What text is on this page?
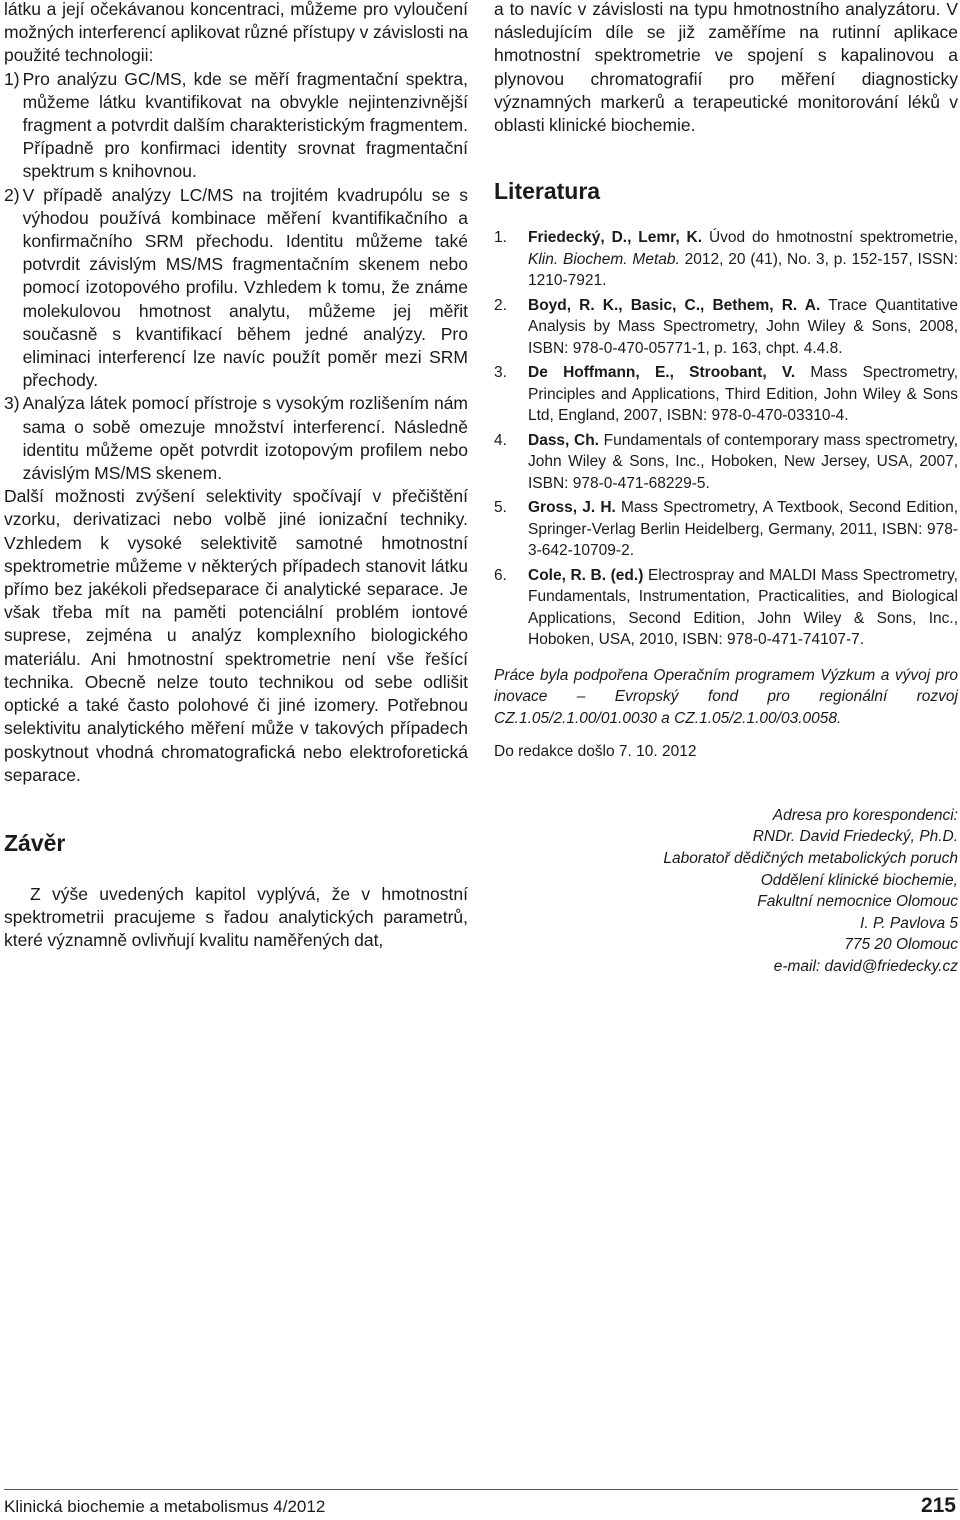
látku a její očekávanou koncentraci, můžeme pro vyloučení možných interferencí aplikovat různé přístupy v závislosti na použité technologii:

1) Pro analýzu GC/MS, kde se měří fragmentační spektra, můžeme látku kvantifikovat na obvykle nejintenzivnější fragment a potvrdit dalším charakteristickým fragmentem. Případně pro konfirmaci identity srovnat fragmentační spektrum s knihovnou.

2) V případě analýzy LC/MS na trojitém kvadrupólu se s výhodou používá kombinace měření kvantifikačního a konfirmačního SRM přechodu. Identitu můžeme také potvrdit závislým MS/MS fragmentačním skenem nebo pomocí izotopového profilu. Vzhledem k tomu, že známe molekulovou hmotnost analytu, můžeme jej měřit současně s kvantifikací během jedné analýzy. Pro eliminaci interferencí lze navíc použít poměr mezi SRM přechody.

3) Analýza látek pomocí přístroje s vysokým rozlišením nám sama o sobě omezuje množství interferencí. Následně identitu můžeme opět potvrdit izotopovým profilem nebo závislým MS/MS skenem.

Další možnosti zvýšení selektivity spočívají v přečištění vzorku, derivatizaci nebo volbě jiné ionizační techniky. Vzhledem k vysoké selektivitě samotné hmotnostní spektrometrie můžeme v některých případech stanovit látku přímo bez jakékoli předseparace či analytické separace. Je však třeba mít na paměti potenciální problém iontové suprese, zejména u analýz komplexního biologického materiálu. Ani hmotnostní spektrometrie není vše řešící technika. Obecně nelze touto technikou od sebe odlišit optické a také často polohové či jiné izomery. Potřebnou selektivitu analytického měření může v takových případech poskytnout vhodná chromatografická nebo elektroforetická separace.

Závěr

Z výše uvedených kapitol vyplývá, že v hmotnostní spektrometrii pracujeme s řadou analytických parametrů, které významně ovlivňují kvalitu naměřených dat,

a to navíc v závislosti na typu hmotnostního analyzátoru. V následujícím díle se již zaměříme na rutinní aplikace hmotnostní spektrometrie ve spojení s kapalinovou a plynovou chromatografií pro měření diagnosticky významných markerů a terapeutické monitorování léků v oblasti klinické biochemie.

Literatura
1.	Friedecký, D., Lemr, K. Úvod do hmotnostní spektrometrie, Klin. Biochem. Metab. 2012, 20 (41), No. 3, p. 152-157, ISSN: 1210-7921.
2.	Boyd, R. K., Basic, C., Bethem, R. A. Trace Quantitative Analysis by Mass Spectrometry, John Wiley & Sons, 2008, ISBN: 978-0-470-05771-1, p. 163, chpt. 4.4.8.
3.	De Hoffmann, E., Stroobant, V. Mass Spectrometry, Principles and Applications, Third Edition, John Wiley & Sons Ltd, England, 2007, ISBN: 978-0-470-03310-4.
4.	Dass, Ch. Fundamentals of contemporary mass spectrometry, John Wiley & Sons, Inc., Hoboken, New Jersey, USA, 2007, ISBN: 978-0-471-68229-5.
5.	Gross, J. H. Mass Spectrometry, A Textbook, Second Edition, Springer-Verlag Berlin Heidelberg, Germany, 2011, ISBN: 978-3-642-10709-2.
6.	Cole, R. B. (ed.) Electrospray and MALDI Mass Spectrometry, Fundamentals, Instrumentation, Practicalities, and Biological Applications, Second Edition, John Wiley & Sons, Inc., Hoboken, USA, 2010, ISBN: 978-0-471-74107-7.

Práce byla podpořena Operačním programem Výzkum a vývoj pro inovace – Evropský fond pro regionální rozvoj CZ.1.05/2.1.00/01.0030 a CZ.1.05/2.1.00/03.0058.

Do redakce došlo 7. 10. 2012

Adresa pro korespondenci:

RNDr. David Friedecký, Ph.D.

Laboratoř dědičných metabolických poruch

Oddělení klinické biochemie,

Fakultní nemocnice Olomouc

I. P. Pavlova 5

775 20 Olomouc

e-mail: david@friedecky.cz

Klinická biochemie a metabolismus 4/2012	215
